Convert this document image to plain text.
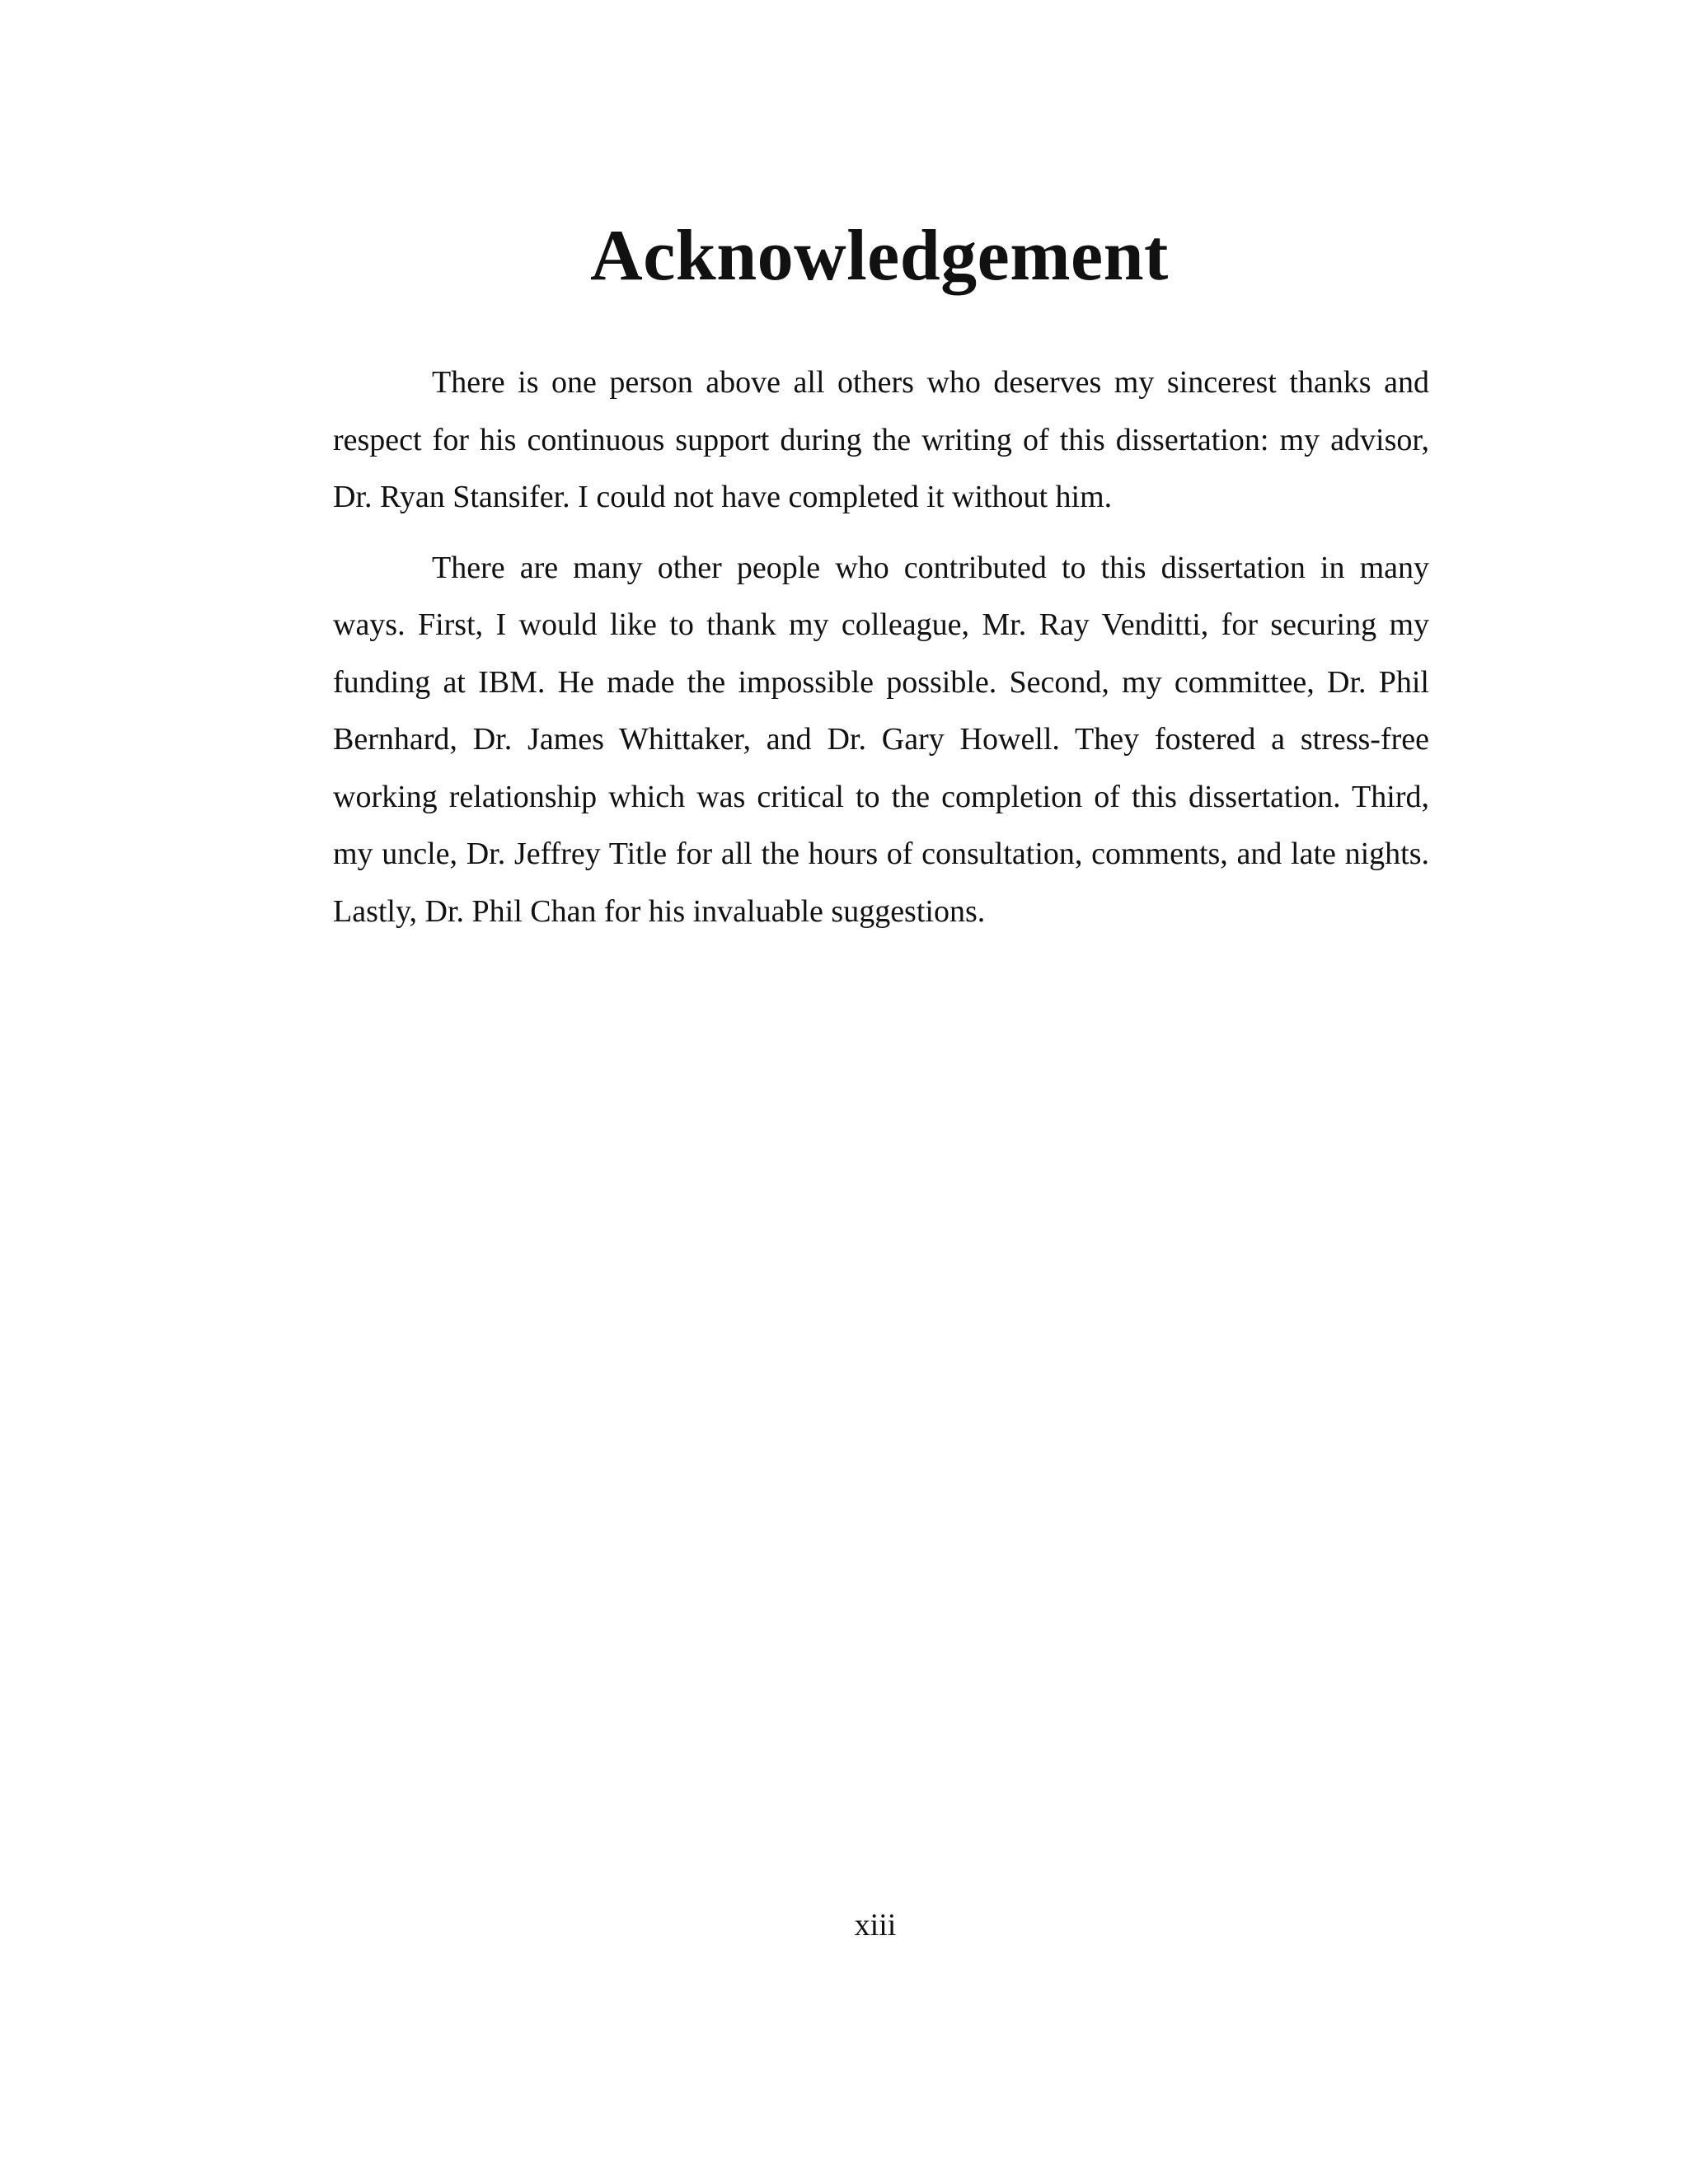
Acknowledgement

There is one person above all others who deserves my sincerest thanks and respect for his continuous support during the writing of this dissertation: my advisor, Dr. Ryan Stansifer. I could not have completed it without him.

There are many other people who contributed to this dissertation in many ways. First, I would like to thank my colleague, Mr. Ray Venditti, for securing my funding at IBM. He made the impossible possible. Second, my committee, Dr. Phil Bernhard, Dr. James Whittaker, and Dr. Gary Howell. They fostered a stress-free working relationship which was critical to the completion of this dissertation. Third, my uncle, Dr. Jeffrey Title for all the hours of consultation, comments, and late nights. Lastly, Dr. Phil Chan for his invaluable suggestions.

xiii
